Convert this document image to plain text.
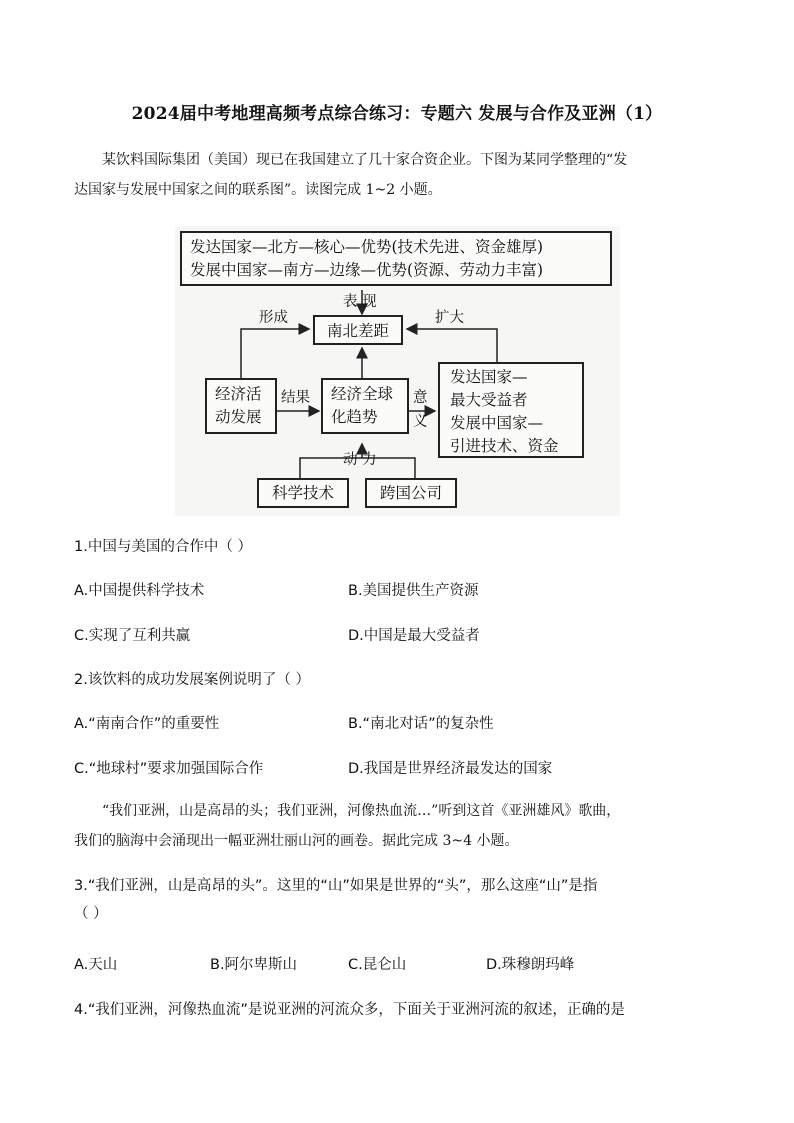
2024届中考地理高频考点综合练习：专题六 发展与合作及亚洲（1）
某饮料国际集团（美国）现已在我国建立了几十家合资企业。下图为某同学整理的“发
达国家与发展中国家之间的联系图”。读图完成 1~2 小题。
发达国家—北方—核心—优势(技术先进、资金雄厚)
发展中国家—南方—边缘—优势(资源、劳动力丰富)
表 现
形成	扩大
南北差距
经济活
动发展
结果 经济全球
化趋势
意
义
发达国家—
最大受益者
发展中国家—
引进技术、资金
动 力
科学技术	跨国公司
1.中国与美国的合作中（ ）
A.中国提供科学技术	B.美国提供生产资源
C.实现了互利共赢	D.中国是最大受益者
2.该饮料的成功发展案例说明了（ ）
A.“南南合作”的重要性	B.“南北对话”的复杂性
C.“地球村”要求加强国际合作	D.我国是世界经济最发达的国家
“我们亚洲，山是高昂的头；我们亚洲，河像热血流…”听到这首《亚洲雄风》歌曲，
我们的脑海中会涌现出一幅亚洲壮丽山河的画卷。据此完成 3~4 小题。
3.“我们亚洲，山是高昂的头”。这里的“山”如果是世界的“头”，那么这座“山”是指
（ ）
A.天山	B.阿尔卑斯山	C.昆仑山	D.珠穆朗玛峰
4.“我们亚洲，河像热血流”是说亚洲的河流众多，下面关于亚洲河流的叙述，正确的是
